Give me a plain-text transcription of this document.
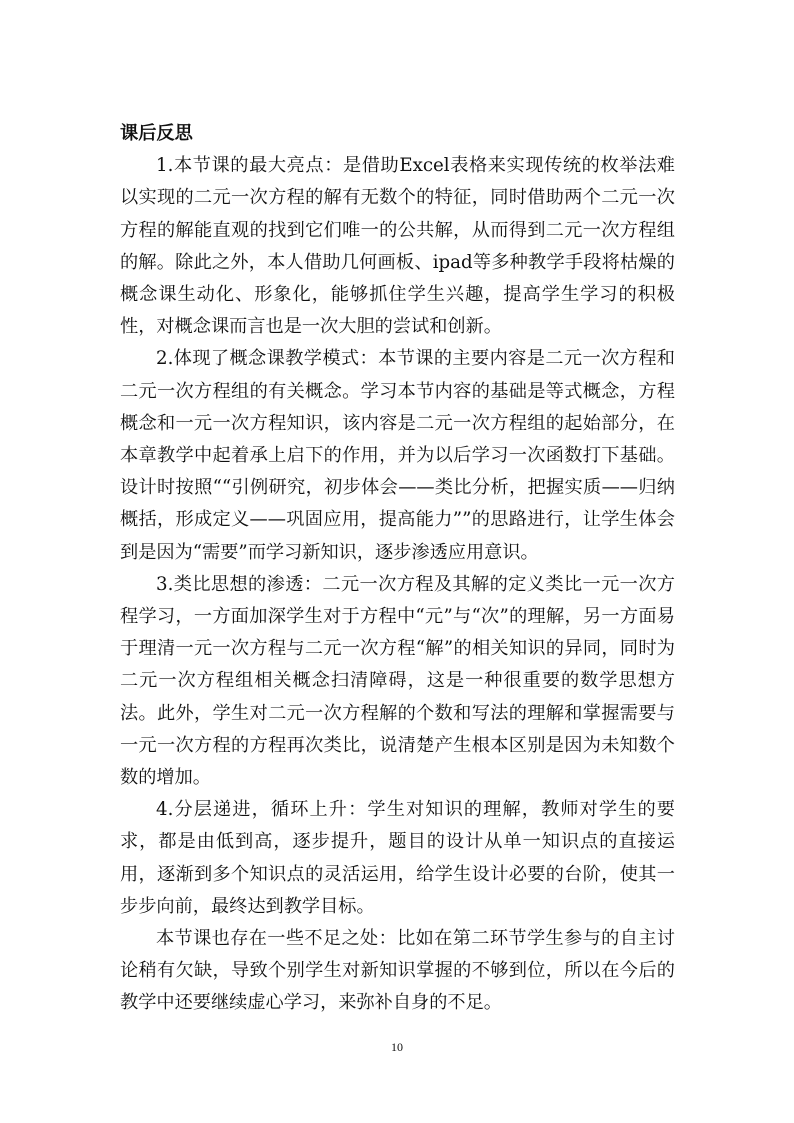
课后反思

1.本节课的最大亮点：是借助Excel表格来实现传统的枚举法难以实现的二元一次方程的解有无数个的特征，同时借助两个二元一次方程的解能直观的找到它们唯一的公共解，从而得到二元一次方程组的解。除此之外，本人借助几何画板、ipad等多种教学手段将枯燥的概念课生动化、形象化，能够抓住学生兴趣，提高学生学习的积极性，对概念课而言也是一次大胆的尝试和创新。

2.体现了概念课教学模式：本节课的主要内容是二元一次方程和二元一次方程组的有关概念。学习本节内容的基础是等式概念，方程概念和一元一次方程知识，该内容是二元一次方程组的起始部分，在本章教学中起着承上启下的作用，并为以后学习一次函数打下基础。设计时按照““引例研究，初步体会——类比分析，把握实质——归纳概括，形成定义——巩固应用，提高能力””的思路进行，让学生体会到是因为“需要”而学习新知识，逐步渗透应用意识。

3.类比思想的渗透：二元一次方程及其解的定义类比一元一次方程学习，一方面加深学生对于方程中“元”与“次”的理解，另一方面易于理清一元一次方程与二元一次方程“解”的相关知识的异同，同时为二元一次方程组相关概念扫清障碍，这是一种很重要的数学思想方法。此外，学生对二元一次方程解的个数和写法的理解和掌握需要与一元一次方程的方程再次类比，说清楚产生根本区别是因为未知数个数的增加。

4.分层递进，循环上升：学生对知识的理解，教师对学生的要求，都是由低到高，逐步提升，题目的设计从单一知识点的直接运用，逐渐到多个知识点的灵活运用，给学生设计必要的台阶，使其一步步向前，最终达到教学目标。

本节课也存在一些不足之处：比如在第二环节学生参与的自主讨论稍有欠缺，导致个别学生对新知识掌握的不够到位，所以在今后的教学中还要继续虚心学习，来弥补自身的不足。

10
